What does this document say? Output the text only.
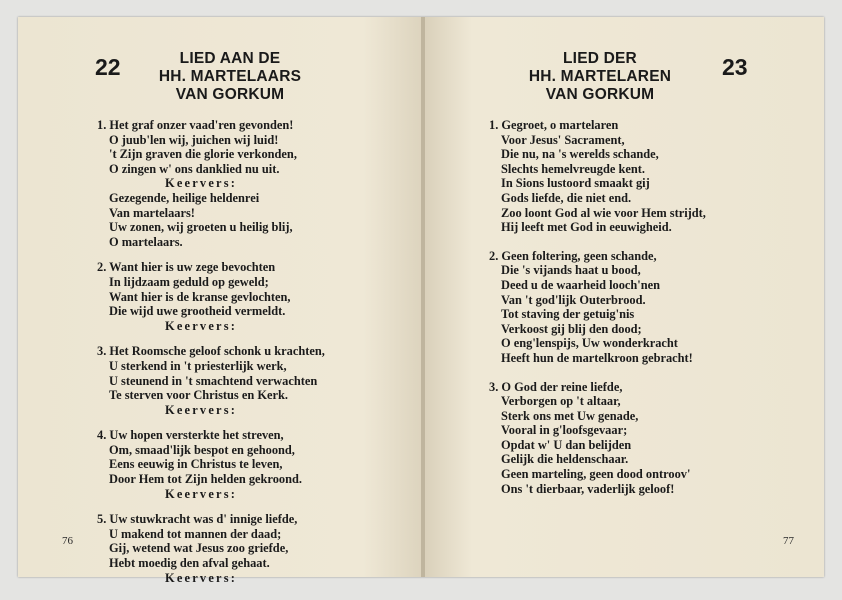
22	LIED AAN DE
HH. MARTELAARS
VAN GORKUM
1. Het graf onzer vaad'ren gevonden!
O juub'len wij, juichen wij luid!
't Zijn graven die glorie verkonden,
O zingen w' ons danklied nu uit.
Keervers:
Gezegende, heilige heldenrei
Van martelaars!
Uw zonen, wij groeten u heilig blij,
O martelaars.
2. Want hier is uw zege bevochten
In lijdzaam geduld op geweld;
Want hier is de kranse gevlochten,
Die wijd uwe grootheid vermeldt.
Keervers:
3. Het Roomsche geloof schonk u krachten,
U sterkend in 't priesterlijk werk,
U steunend in 't smachtend verwachten
Te sterven voor Christus en Kerk.
Keervers:
4. Uw hopen versterkte het streven,
Om, smaad'lijk bespot en gehoond,
Eens eeuwig in Christus te leven,
Door Hem tot Zijn helden gekroond.
Keervers:
5. Uw stuwkracht was d' innige liefde,
U makend tot mannen der daad;
Gij, wetend wat Jesus zoo griefde,
Hebt moedig den afval gehaat.
Keervers:
76
LIED DER
HH. MARTELAREN
VAN GORKUM
23
1. Gegroet, o martelaren
Voor Jesus' Sacrament,
Die nu, na 's werelds schande,
Slechts hemelvreugde kent.
In Sions lustoord smaakt gij
Gods liefde, die niet end.
Zoo loont God al wie voor Hem strijdt,
Hij leeft met God in eeuwigheid.
2. Geen foltering, geen schande,
Die 's vijands haat u bood,
Deed u de waarheid looch'nen
Van 't god'lijk Outerbrood.
Tot staving der getuig'nis
Verkoost gij blij den dood;
O eng'lenspijs, Uw wonderkracht
Heeft hun de martelkroon gebracht!
3. O God der reine liefde,
Verborgen op 't altaar,
Sterk ons met Uw genade,
Vooral in g'loofsgevaar;
Opdat w' U dan belijden
Gelijk die heldenschaar.
Geen marteling, geen dood ontroov'
Ons 't dierbaar, vaderlijk geloof!
77
